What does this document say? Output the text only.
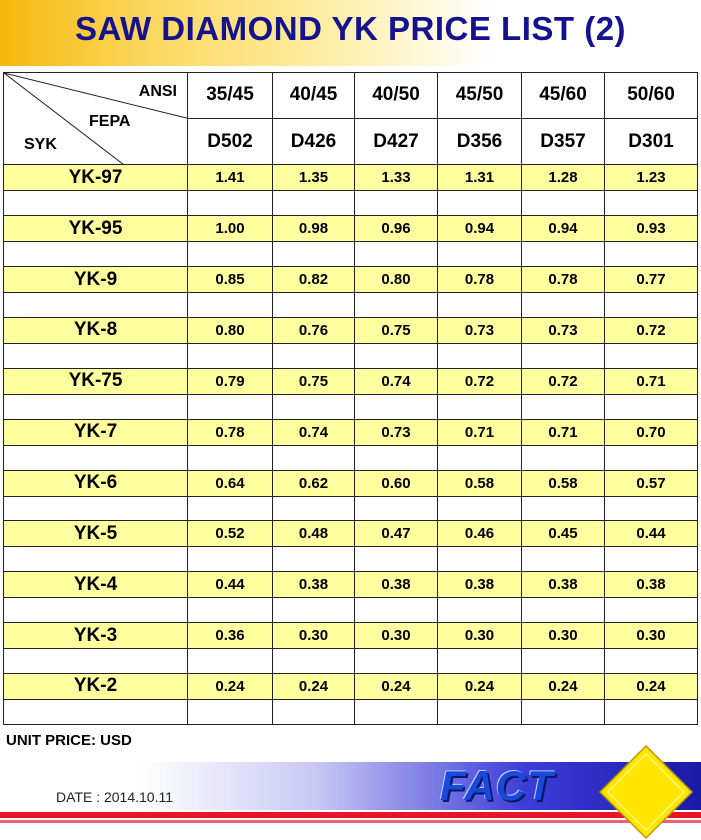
SAW DIAMOND YK PRICE LIST (2)
ANSI
FEPA
SYK	35/45	40/45	40/50	45/50	45/60	50/60
	D502	D426	D427	D356	D357	D301
YK-97	1.41	1.35	1.33	1.31	1.28	1.23

YK-95	1.00	0.98	0.96	0.94	0.94	0.93

YK-9	0.85	0.82	0.80	0.78	0.78	0.77

YK-8	0.80	0.76	0.75	0.73	0.73	0.72

YK-75	0.79	0.75	0.74	0.72	0.72	0.71

YK-7	0.78	0.74	0.73	0.71	0.71	0.70

YK-6	0.64	0.62	0.60	0.58	0.58	0.57

YK-5	0.52	0.48	0.47	0.46	0.45	0.44

YK-4	0.44	0.38	0.38	0.38	0.38	0.38

YK-3	0.36	0.30	0.30	0.30	0.30	0.30

YK-2	0.24	0.24	0.24	0.24	0.24	0.24

UNIT PRICE: USD
DATE : 2014.10.11	FACT
